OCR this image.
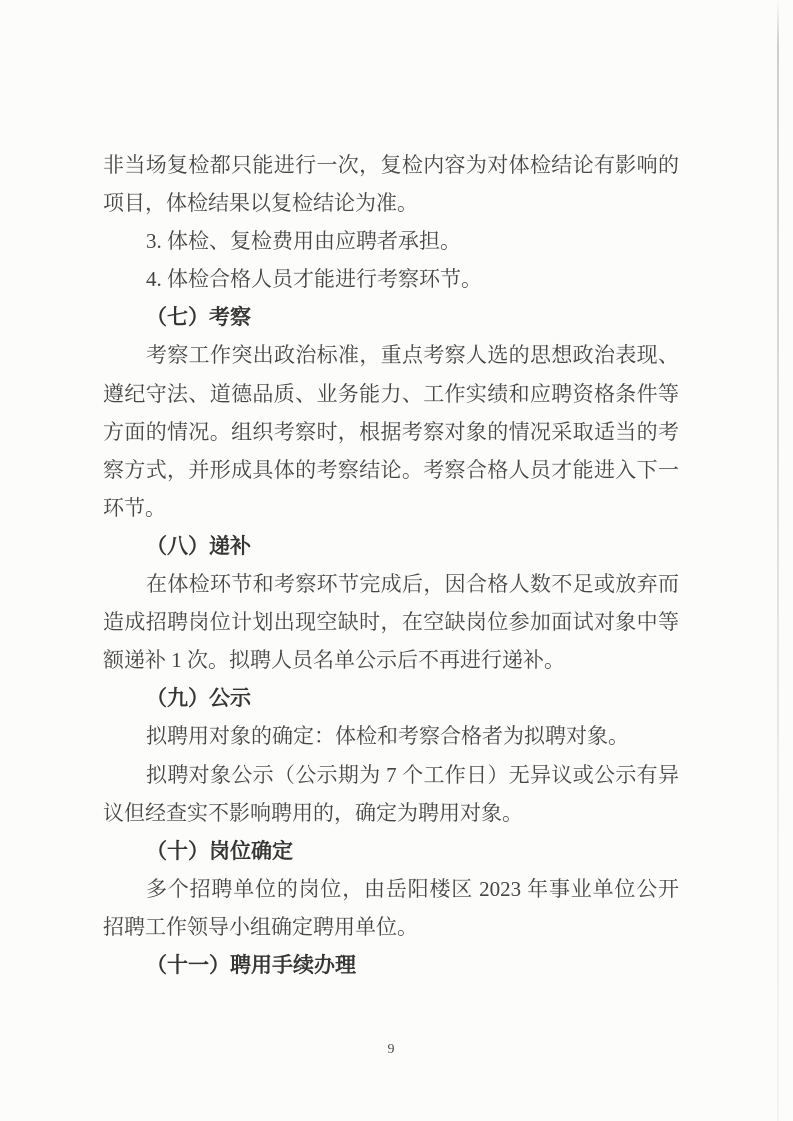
非当场复检都只能进行一次，复检内容为对体检结论有影响的
项目，体检结果以复检结论为准。
3. 体检、复检费用由应聘者承担。
4. 体检合格人员才能进行考察环节。
（七）考察
考察工作突出政治标准，重点考察人选的思想政治表现、
遵纪守法、道德品质、业务能力、工作实绩和应聘资格条件等
方面的情况。组织考察时，根据考察对象的情况采取适当的考
察方式，并形成具体的考察结论。考察合格人员才能进入下一
环节。
（八）递补
在体检环节和考察环节完成后，因合格人数不足或放弃而
造成招聘岗位计划出现空缺时，在空缺岗位参加面试对象中等
额递补 1 次。拟聘人员名单公示后不再进行递补。
（九）公示
拟聘用对象的确定：体检和考察合格者为拟聘对象。
拟聘对象公示（公示期为 7 个工作日）无异议或公示有异
议但经查实不影响聘用的，确定为聘用对象。
（十）岗位确定
多个招聘单位的岗位，由岳阳楼区 2023 年事业单位公开
招聘工作领导小组确定聘用单位。
（十一）聘用手续办理
9
